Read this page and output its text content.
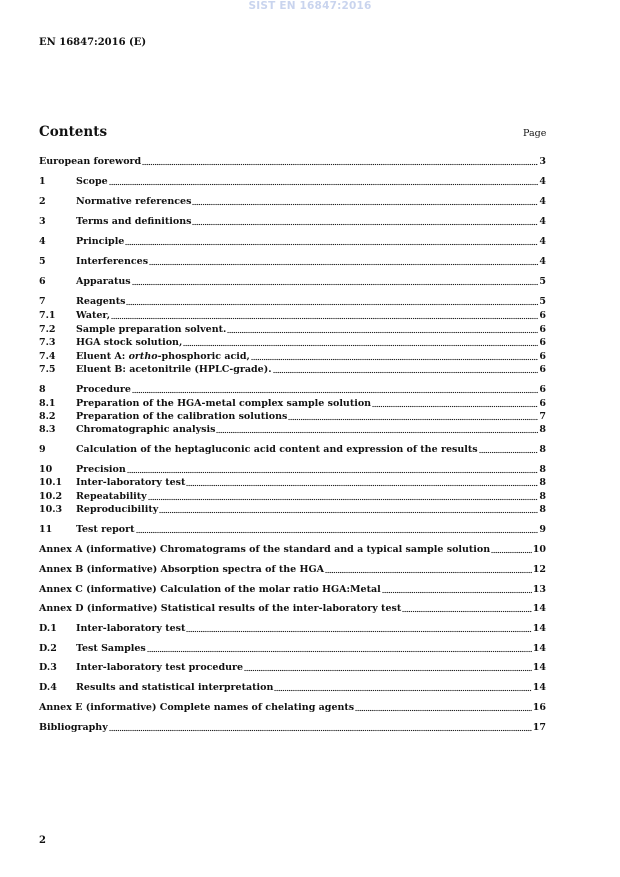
SIST EN 16847:2016
EN 16847:2016 (E)
Contents	Page
European foreword	3
1	Scope	4
2	Normative references	4
3	Terms and definitions	4
4	Principle	4
5	Interferences	4
6	Apparatus	5
7	Reagents	5
7.1	Water,	6
7.2	Sample preparation solvent.	6
7.3	HGA stock solution,	6
7.4	Eluent A: ortho-phosphoric acid,	6
7.5	Eluent B: acetonitrile (HPLC-grade).	6
8	Procedure	6
8.1	Preparation of the HGA-metal complex sample solution	6
8.2	Preparation of the calibration solutions	7
8.3	Chromatographic analysis	8
9	Calculation of the heptagluconic acid content and expression of the results	8
10	Precision	8
10.1	Inter-laboratory test	8
10.2	Repeatability	8
10.3	Reproducibility	8
11	Test report	9
Annex A (informative) Chromatograms of the standard and a typical sample solution	10
Annex B (informative) Absorption spectra of the HGA	12
Annex C (informative) Calculation of the molar ratio HGA:Metal	13
Annex D (informative) Statistical results of the inter-laboratory test	14
D.1	Inter-laboratory test	14
D.2	Test Samples	14
D.3	Inter-laboratory test procedure	14
D.4	Results and statistical interpretation	14
Annex E (informative) Complete names of chelating agents	16
Bibliography	17
2
